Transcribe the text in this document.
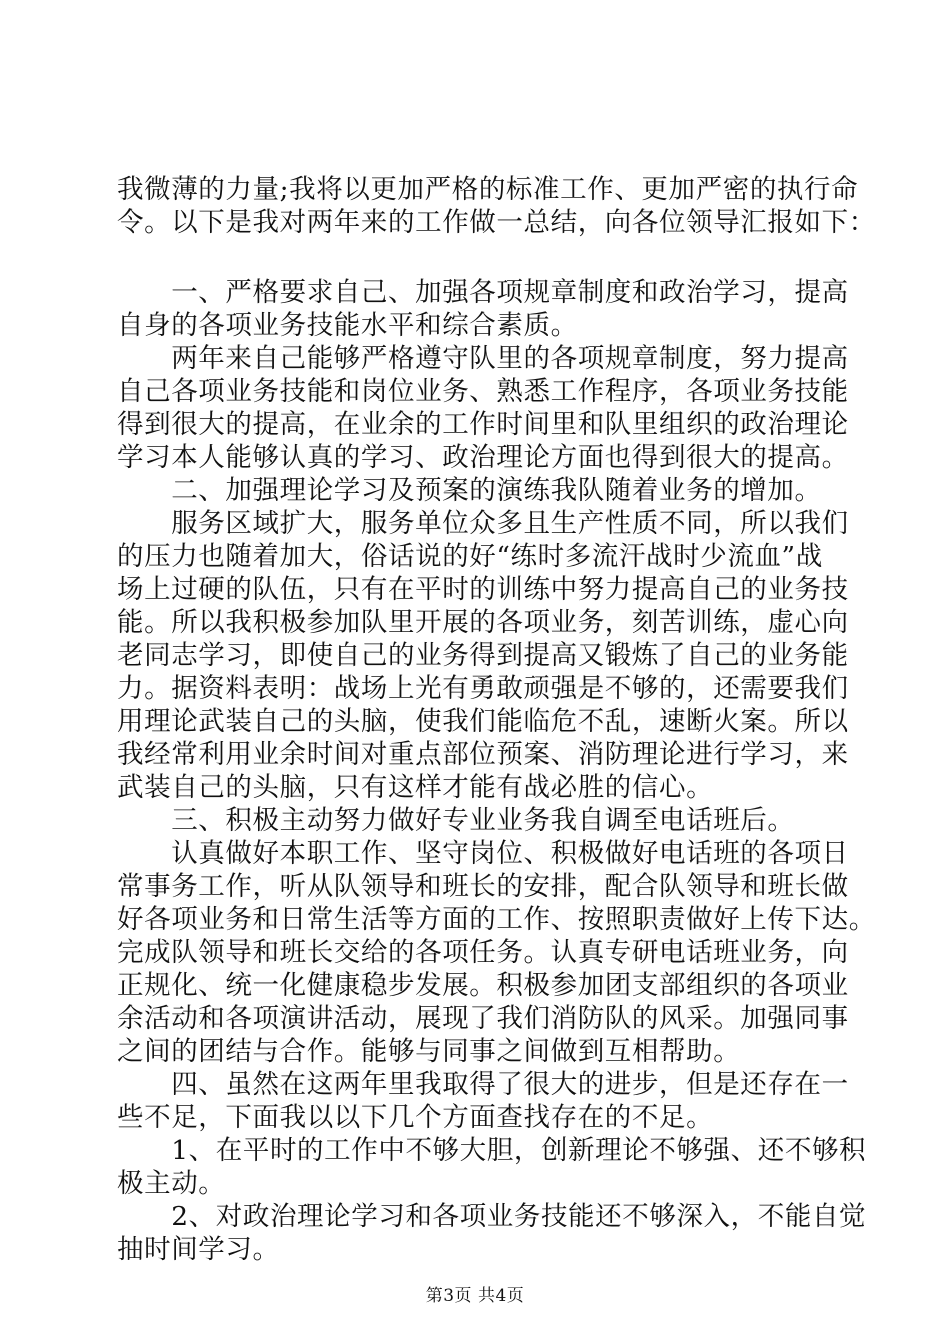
我微薄的力量;我将以更加严格的标准工作、更加严密的执行命
令。以下是我对两年来的工作做一总结，向各位领导汇报如下：

　　一、严格要求自己、加强各项规章制度和政治学习，提高
自身的各项业务技能水平和综合素质。

　　两年来自己能够严格遵守队里的各项规章制度，努力提高
自己各项业务技能和岗位业务、熟悉工作程序，各项业务技能
得到很大的提高，在业余的工作时间里和队里组织的政治理论
学习本人能够认真的学习、政治理论方面也得到很大的提高。

　　二、加强理论学习及预案的演练我队随着业务的增加。

　　服务区域扩大，服务单位众多且生产性质不同，所以我们
的压力也随着加大，俗话说的好“练时多流汗战时少流血”战
场上过硬的队伍，只有在平时的训练中努力提高自己的业务技
能。所以我积极参加队里开展的各项业务，刻苦训练，虚心向
老同志学习，即使自己的业务得到提高又锻炼了自己的业务能
力。据资料表明：战场上光有勇敢顽强是不够的，还需要我们
用理论武装自己的头脑，使我们能临危不乱，速断火案。所以
我经常利用业余时间对重点部位预案、消防理论进行学习，来
武装自己的头脑，只有这样才能有战必胜的信心。

　　三、积极主动努力做好专业业务我自调至电话班后。

　　认真做好本职工作、坚守岗位、积极做好电话班的各项日
常事务工作，听从队领导和班长的安排，配合队领导和班长做
好各项业务和日常生活等方面的工作、按照职责做好上传下达。
完成队领导和班长交给的各项任务。认真专研电话班业务，向
正规化、统一化健康稳步发展。积极参加团支部组织的各项业
余活动和各项演讲活动，展现了我们消防队的风采。加强同事
之间的团结与合作。能够与同事之间做到互相帮助。

　　四、虽然在这两年里我取得了很大的进步，但是还存在一
些不足，下面我以以下几个方面查找存在的不足。

　　1、在平时的工作中不够大胆，创新理论不够强、还不够积
极主动。

　　2、对政治理论学习和各项业务技能还不够深入，不能自觉
抽时间学习。

第3页 共4页
